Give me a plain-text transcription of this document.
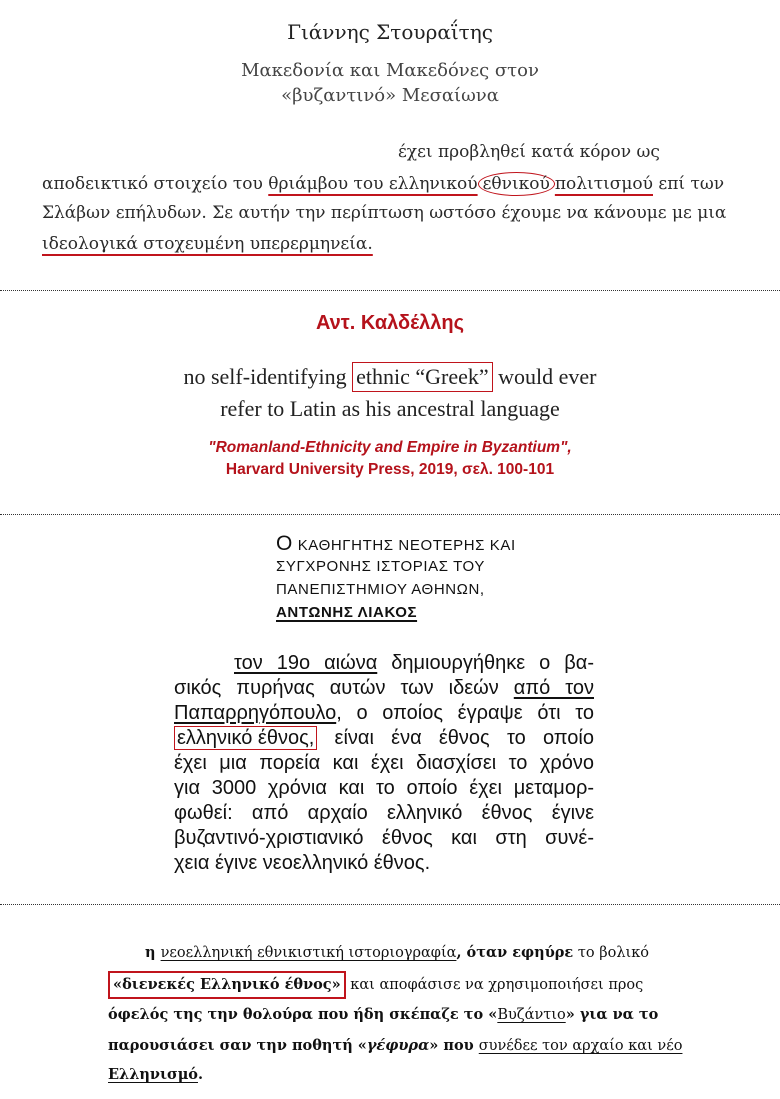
Γιάννης Στουραΐτης
Μακεδονία και Μακεδόνες στον
«βυζαντινό» Μεσαίωνα
έχει προβληθεί κατά κόρον ως
αποδεικτικό στοιχείο του θριάμβου του ελληνικού εθνικού πολιτισμού επί των
Σλάβων επήλυδων. Σε αυτήν την περίπτωση ωστόσο έχουμε να κάνουμε με μια
ιδεολογικά στοχευμένη υπερερμηνεία.
Αντ. Καλδέλλης
no self-identifying ethnic “Greek” would ever
refer to Latin as his ancestral language
"Romanland-Ethnicity and Empire in Byzantium",
Harvard University Press, 2019, σελ. 100-101
Ο ΚΑΘΗΓΗΤΗΣ ΝΕΟΤΕΡΗΣ ΚΑΙ
ΣΥΓΧΡΟΝΗΣ ΙΣΤΟΡΙΑΣ ΤΟΥ
ΠΑΝΕΠΙΣΤΗΜΙΟΥ ΑΘΗΝΩΝ,
ΑΝΤΩΝΗΣ ΛΙΑΚΟΣ
τον 19ο αιώνα δημιουργήθηκε ο βα-
σικός πυρήνας αυτών των ιδεών από τον
Παπαρρηγόπουλο, ο οποίος έγραψε ότι το
ελληνικό έθνος, είναι ένα έθνος το οποίο
έχει μια πορεία και έχει διασχίσει το χρόνο
για 3000 χρόνια και το οποίο έχει μεταμορ-
φωθεί: από αρχαίο ελληνικό έθνος έγινε
βυζαντινό-χριστιανικό έθνος και στη συνέ-
χεια έγινε νεοελληνικό έθνος.
η νεοελληνική εθνικιστική ιστοριογραφία, όταν εφηύρε το βολικό
«διενεκές Ελληνικό έθνος» και αποφάσισε να χρησιμοποιήσει προς
όφελός της την θολούρα που ήδη σκέπαζε το «Βυζάντιο» για να το
παρουσιάσει σαν την ποθητή «γέφυρα» που συνέδεε τον αρχαίο και νέο
Ελληνισμό.
